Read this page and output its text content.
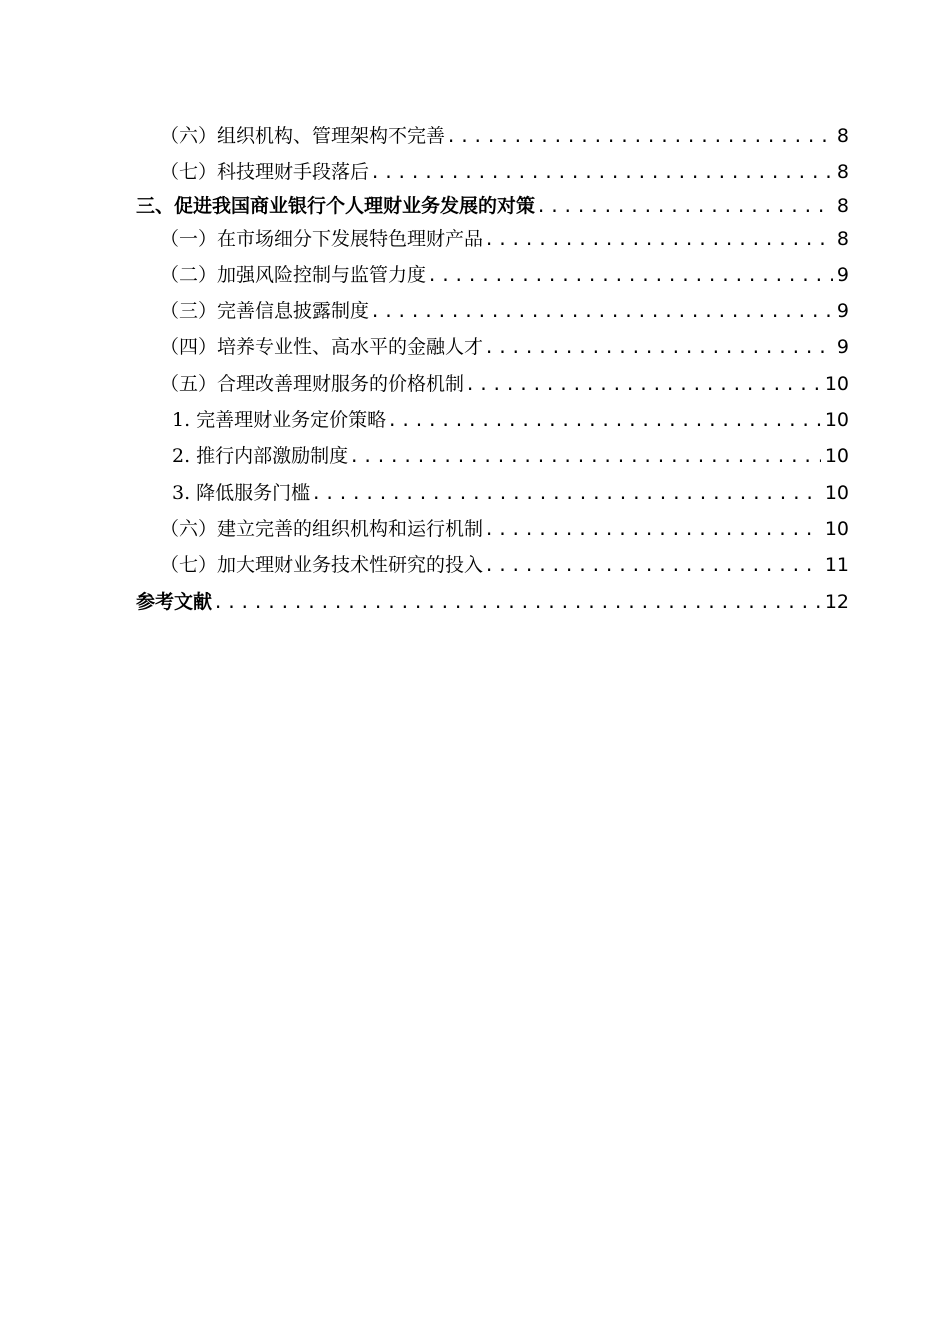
（六）组织机构、管理架构不完善 .....	8
（七）科技理财手段落后 .....	8
三、促进我国商业银行个人理财业务发展的对策 .....	8
（一）在市场细分下发展特色理财产品 .....	8
（二）加强风险控制与监管力度 .....	9
（三）完善信息披露制度 .....	9
（四）培养专业性、高水平的金融人才 .....	9
（五）合理改善理财服务的价格机制 .....	10
1. 完善理财业务定价策略 .....	10
2. 推行内部激励制度 .....	10
3. 降低服务门槛 .....	10
（六）建立完善的组织机构和运行机制 .....	10
（七）加大理财业务技术性研究的投入 .....	11
参考文献 .....	12
